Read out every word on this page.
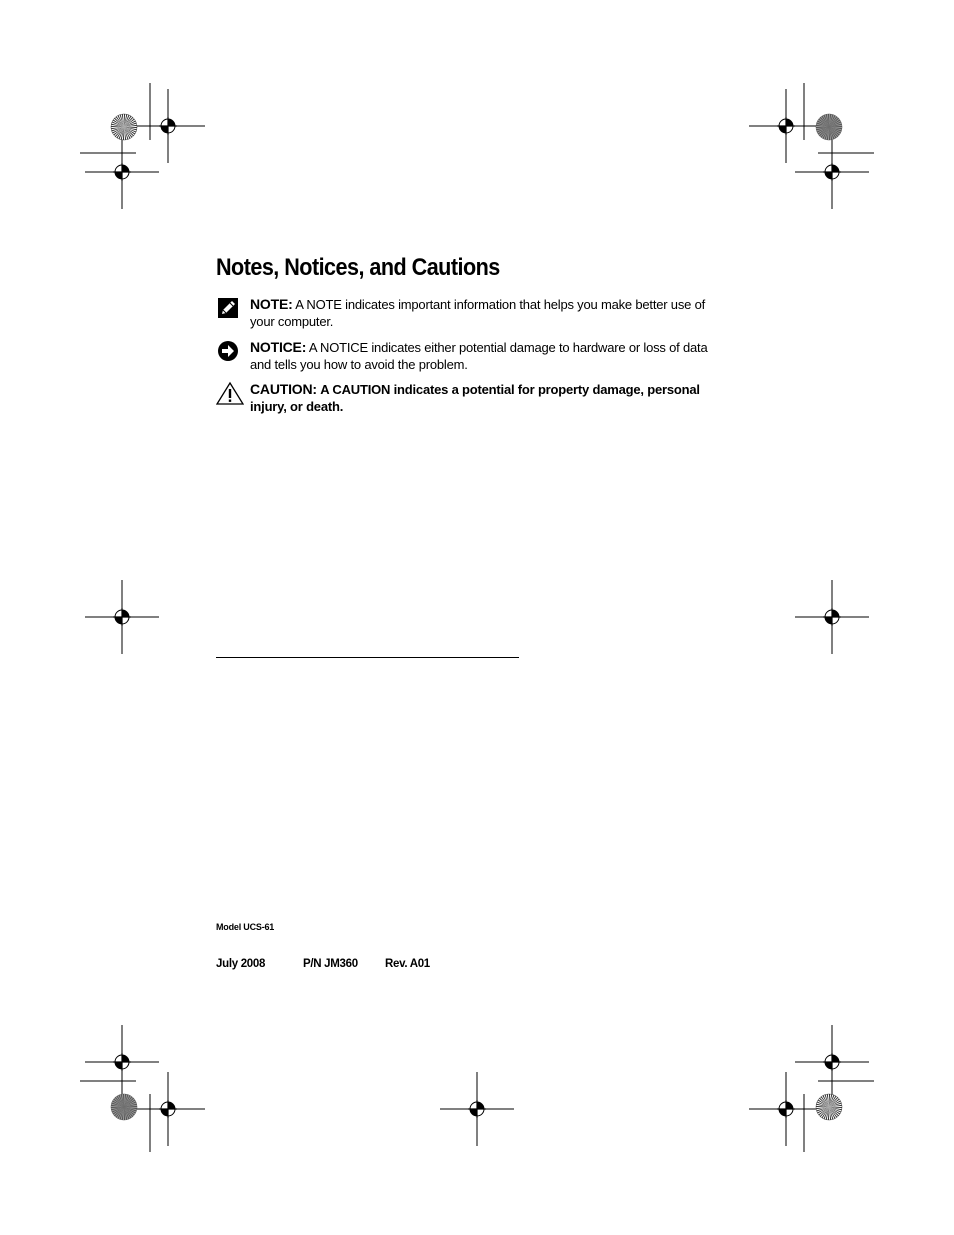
Notes, Notices, and Cautions
NOTE: A NOTE indicates important information that helps you make better use of your computer.
NOTICE: A NOTICE indicates either potential damage to hardware or loss of data and tells you how to avoid the problem.
CAUTION: A CAUTION indicates a potential for property damage, personal injury, or death.
Model UCS-61
July 2008	P/N JM360 Rev. A01
